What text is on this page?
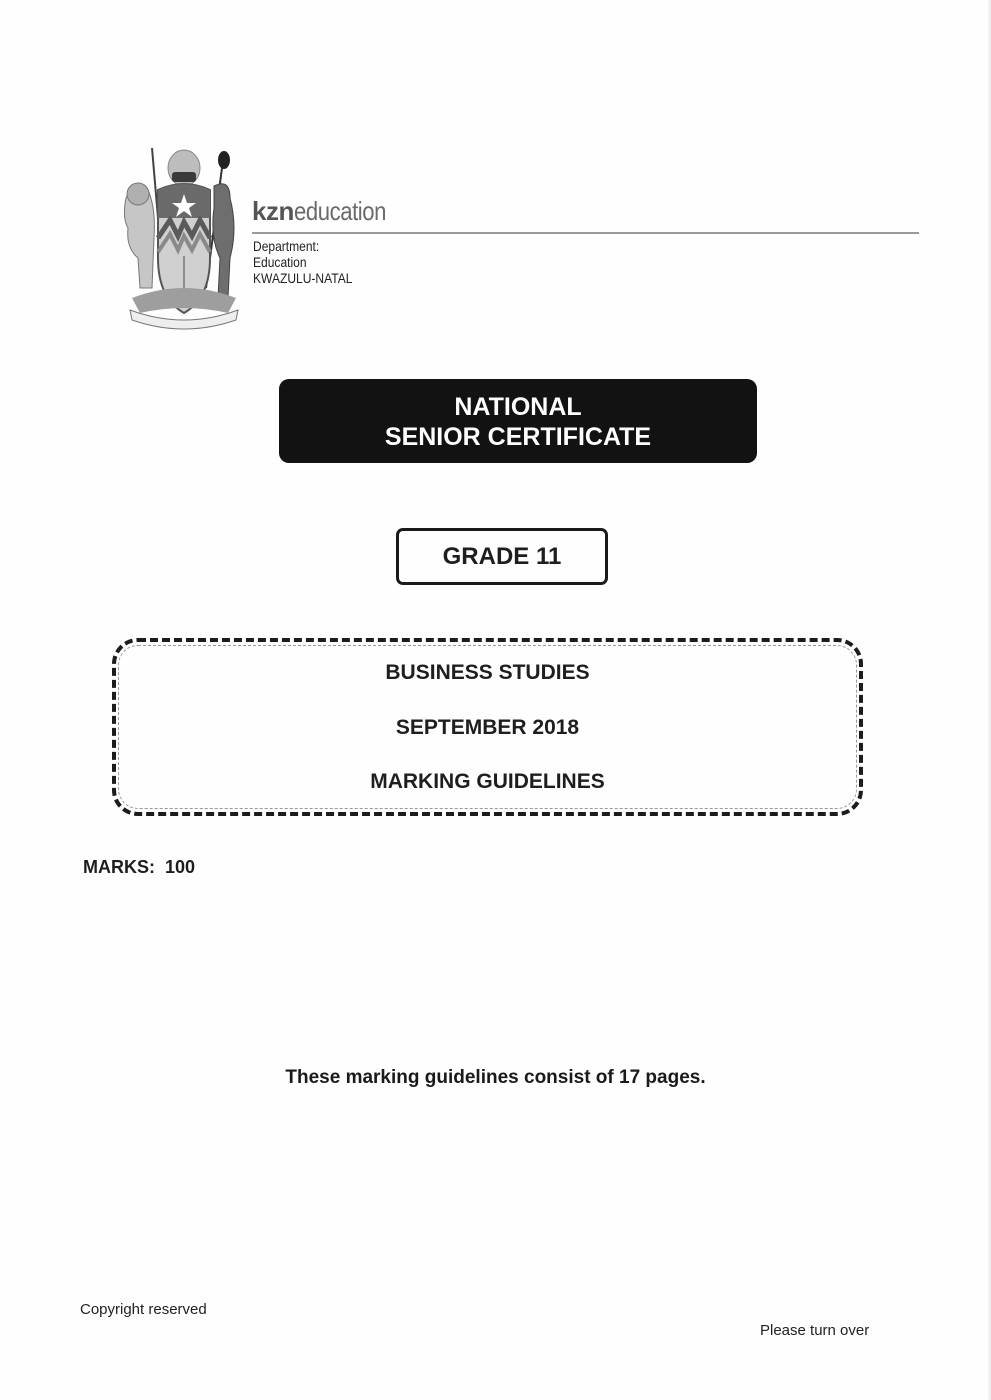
kzneducation
Department:
Education
KWAZULU-NATAL
NATIONAL
SENIOR CERTIFICATE
GRADE 11
BUSINESS STUDIES
SEPTEMBER 2018
MARKING GUIDELINES
MARKS:  100
These marking guidelines consist of 17 pages.
Copyright reserved
Please turn over
